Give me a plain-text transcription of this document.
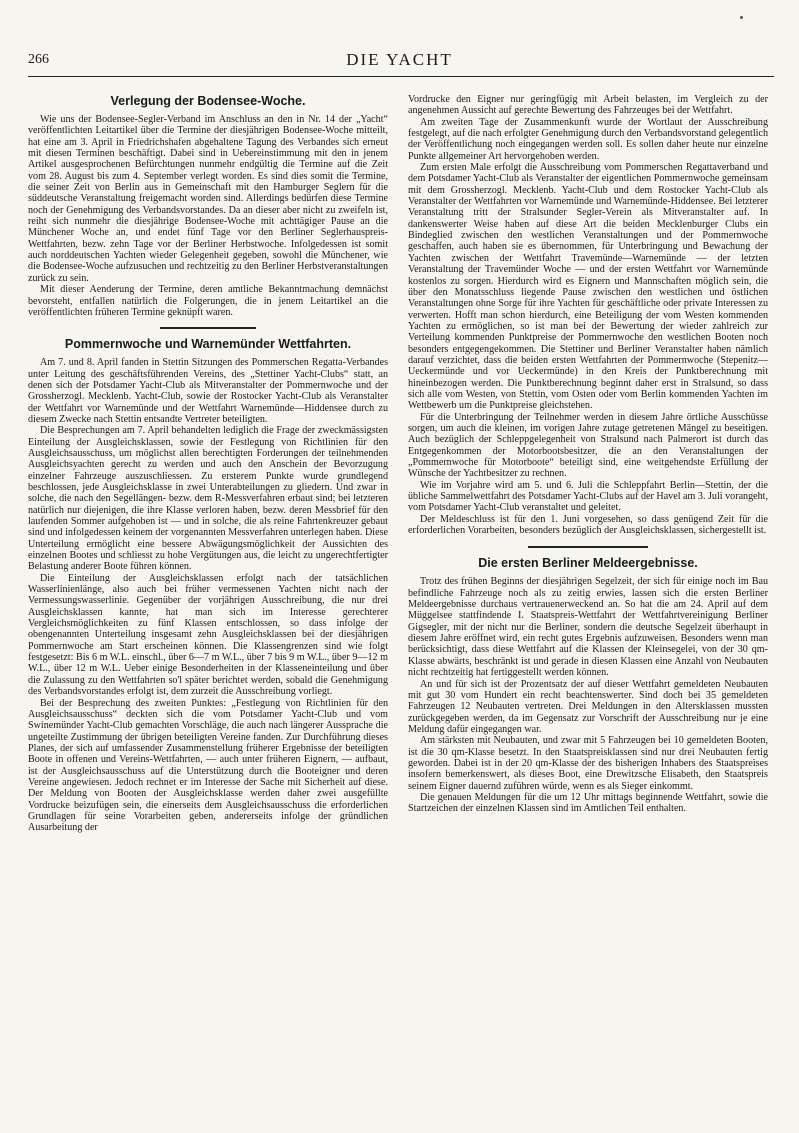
266	DIE YACHT
Verlegung der Bodensee-Woche.

Wie uns der Bodensee-Segler-Verband im Anschluss an den in Nr. 14 der „Yacht“ veröffentlichten Leitartikel über die Termine der diesjährigen Bodensee-Woche mitteilt, hat eine am 3. April in Friedrichshafen abgehaltene Tagung des Verbandes sich erneut mit diesen Terminen beschäftigt. Dabei sind in Uebereinstimmung mit den in jenem Artikel ausgesprochenen Befürchtungen nunmehr endgültig die Termine auf die Zeit vom 28. August bis zum 4. September verlegt worden. Es sind dies somit die Termine, die seiner Zeit von Berlin aus in Gemeinschaft mit den Hamburger Seglern für die süddeutsche Veranstaltung freigemacht worden sind. Allerdings bedürfen diese Termine noch der Genehmigung des Verbandsvorstandes. Da an dieser aber nicht zu zweifeln ist, reiht sich nunmehr die diesjährige Bodensee-Woche mit achttägiger Pause an die Münchener Woche an, und endet fünf Tage vor den Berliner Seglerhauspreis-Wettfahrten, bezw. zehn Tage vor der Berliner Herbstwoche. Infolgedessen ist somit auch norddeutschen Yachten wieder Gelegenheit gegeben, sowohl die Münchener, wie die Bodensee-Woche aufzusuchen und rechtzeitig zu den Berliner Herbstveranstaltungen zurück zu sein.

Mit dieser Aenderung der Termine, deren amtliche Bekanntmachung demnächst bevorsteht, entfallen natürlich die Folgerungen, die in jenem Leitartikel an die veröffentlichten früheren Termine geknüpft waren.

Pommernwoche und Warnemünder Wettfahrten.

Am 7. und 8. April fanden in Stettin Sitzungen des Pommerschen Regatta-Verbandes unter Leitung des geschäftsführenden Vereins, des „Stettiner Yacht-Clubs“ statt, an denen sich der Potsdamer Yacht-Club als Mitveranstalter der Pommernwoche und der Grossherzogl. Mecklenb. Yacht-Club, sowie der Rostocker Yacht-Club als Veranstalter der Wettfahrt vor Warnemünde und der Wettfahrt Warnemünde—Hiddensee durch zu diesem Zwecke nach Stettin entsandte Vertreter beteiligten.

Die Besprechungen am 7. April behandelten lediglich die Frage der zweckmässigsten Einteilung der Ausgleichsklassen, sowie der Festlegung von Richtlinien für den Ausgleichsausschuss, um möglichst allen berechtigten Forderungen der teilnehmenden Ausgleichsyachten gerecht zu werden und auch den Anschein der Bevorzugung einzelner Fahrzeuge auszuschliessen. Zu ersterem Punkte wurde grundlegend beschlossen, jede Ausgleichsklasse in zwei Unterabteilungen zu gliedern. Und zwar in solche, die nach den Segellängen- bezw. dem R-Messverfahren erbaut sind; bei letzteren natürlich nur diejenigen, die ihre Klasse verloren haben, bezw. deren Messbrief für den laufenden Sommer aufgehoben ist — und in solche, die als reine Fahrtenkreuzer gebaut sind und infolgedessen keinem der vorgenannten Messverfahren unterlegen haben. Diese Unterteilung ermöglicht eine bessere Abwägungsmöglichkeit der Aussichten des einzelnen Bootes und schliesst zu hohe Vergütungen aus, die leicht zu ungerechtfertigter Belastung anderer Boote führen können.

Die Einteilung der Ausgleichsklassen erfolgt nach der tatsächlichen Wasserlinienlänge, also auch bei früher vermessenen Yachten nicht nach der Vermessungswasserlinie. Gegenüber der vorjährigen Ausschreibung, die nur drei Ausgleichsklassen kannte, hat man sich im Interesse gerechterer Vergleichsmöglichkeiten zu fünf Klassen entschlossen, so dass infolge der obengenannten Unterteilung insgesamt zehn Ausgleichsklassen bei der diesjährigen Pommernwoche am Start erscheinen können. Die Klassengrenzen sind wie folgt festgesetzt: Bis 6 m W.L. einschl., über 6—7 m W.L., über 7 bis 9 m W.L., über 9—12 m W.L., über 12 m W.L. Ueber einige Besonderheiten in der Klasseneinteilung und über die Zulassung zu den Wettfahrten so'l später berichtet werden, sobald die Genehmigung des Verbandsvorstandes erfolgt ist, dem zurzeit die Ausschreibung vorliegt.

Bei der Besprechung des zweiten Punktes: „Festlegung von Richtlinien für den Ausgleichsausschuss“ deckten sich die vom Potsdamer Yacht-Club und vom Swinemünder Yacht-Club gemachten Vorschläge, die auch nach längerer Aussprache die ungeteilte Zustimmung der übrigen beteiligten Vereine fanden. Zur Durchführung dieses Planes, der sich auf umfassender Zusammenstellung früherer Ergebnisse der beteiligten Boote in offenen und Vereins-Wettfahrten, — auch unter früheren Eignern, — aufbaut, ist der Ausgleichsausschuss auf die Unterstützung durch die Booteigner und deren Vereine angewiesen. Jedoch rechnet er im Interesse der Sache mit Sicherheit auf diese. Der Meldung von Booten der Ausgleichsklasse werden daher zwei ausgefüllte Vordrucke beizufügen sein, die einerseits dem Ausgleichsausschuss die erforderlichen Grundlagen für seine Vorarbeiten geben, andererseits infolge der gründlichen Ausarbeitung der

Vordrucke den Eigner nur geringfügig mit Arbeit belasten, im Vergleich zu der angenehmen Aussicht auf gerechte Bewertung des Fahrzeuges bei der Wettfahrt.

Am zweiten Tage der Zusammenkunft wurde der Wortlaut der Ausschreibung festgelegt, auf die nach erfolgter Genehmigung durch den Verbandsvorstand gelegentlich der Veröffentlichung noch eingegangen werden soll. Es sollen daher heute nur einzelne Punkte allgemeiner Art hervorgehoben werden.

Zum ersten Male erfolgt die Ausschreibung vom Pommerschen Regattaverband und dem Potsdamer Yacht-Club als Veranstalter der eigentlichen Pommernwoche gemeinsam mit dem Grossherzogl. Mecklenb. Yacht-Club und dem Rostocker Yacht-Club als Veranstalter der Wettfahrten vor Warnemünde und Warnemünde-Hiddensee. Bei letzterer Veranstaltung tritt der Stralsunder Segler-Verein als Mitveranstalter auf. In dankenswerter Weise haben auf diese Art die beiden Mecklenburger Clubs ein Bindeglied zwischen den westlichen Veranstaltungen und der Pommernwoche geschaffen, auch haben sie es übernommen, für Unterbringung und Bewachung der Yachten zwischen der Wettfahrt Travemünde—Warnemünde — der letzten Veranstaltung der Travemünder Woche — und der ersten Wettfahrt vor Warnemünde kostenlos zu sorgen. Hierdurch wird es Eignern und Mannschaften möglich sein, die über den Monatsschluss liegende Pause zwischen den westlichen und östlichen Veranstaltungen ohne Sorge für ihre Yachten für geschäftliche oder private Interessen zu verwerten. Hofft man schon hierdurch, eine Beteiligung der vom Westen kommenden Yachten zu ermöglichen, so ist man bei der Bewertung der wieder zahlreich zur Verteilung kommenden Punktpreise der Pommernwoche den westlichen Booten noch besonders entgegengekommen. Die Stettiner und Berliner Veranstalter haben nämlich darauf verzichtet, dass die beiden ersten Wettfahrten der Pommernwoche (Stepenitz—Ueckermünde und vor Ueckermünde) in den Kreis der Punktberechnung mit hineinbezogen werden. Die Punktberechnung beginnt daher erst in Stralsund, so dass sich alle vom Westen, von Stettin, vom Osten oder vom Berlin kommenden Yachten im Wettbewerb um die Punktpreise gleichstehen.

Für die Unterbringung der Teilnehmer werden in diesem Jahre örtliche Ausschüsse sorgen, um auch die kleinen, im vorigen Jahre zutage getretenen Mängel zu beseitigen. Auch bezüglich der Schleppgelegenheit von Stralsund nach Palmerort ist durch das Entgegenkommen der Motorbootsbesitzer, die an den Veranstaltungen der „Pommernwoche für Motorboote“ beteiligt sind, eine weitgehendste Erfüllung der Wünsche der Yachtbesitzer zu rechnen.

Wie im Vorjahre wird am 5. und 6. Juli die Schleppfahrt Berlin—Stettin, der die übliche Sammelwettfahrt des Potsdamer Yacht-Clubs auf der Havel am 3. Juli vorangeht, vom Potsdamer Yacht-Club veranstaltet und geleitet.

Der Meldeschluss ist für den 1. Juni vorgesehen, so dass genügend Zeit für die erforderlichen Vorarbeiten, besonders bezüglich der Ausgleichsklassen, sichergestellt ist.

Die ersten Berliner Meldeergebnisse.

Trotz des frühen Beginns der diesjährigen Segelzeit, der sich für einige noch im Bau befindliche Fahrzeuge noch als zu zeitig erwies, lassen sich die ersten Berliner Meldeergebnisse durchaus vertrauenerweckend an. So hat die am 24. April auf dem Müggelsee stattfindende I. Staatspreis-Wettfahrt der Wettfahrtvereinigung Berliner Gigsegler, mit der nicht nur die Berliner, sondern die deutsche Segelzeit überhaupt in diesem Jahre eröffnet wird, ein recht gutes Ergebnis aufzuweisen. Besonders wenn man berücksichtigt, dass diese Wettfahrt auf die Klassen der Kleinsegelei, von der 30 qm-Klasse abwärts, beschränkt ist und gerade in diesen Klassen eine Anzahl von Neubauten nicht rechtzeitig hat fertiggestellt werden können.

An und für sich ist der Prozentsatz der auf dieser Wettfahrt gemeldeten Neubauten mit gut 30 vom Hundert ein recht beachtenswerter. Sind doch bei 35 gemeldeten Fahrzeugen 12 Neubauten vertreten. Drei Meldungen in den Altersklassen mussten zurückgegeben werden, da im Gegensatz zur Vorschrift der Ausschreibung nur je eine Meldung dafür eingegangen war.

Am stärksten mit Neubauten, und zwar mit 5 Fahrzeugen bei 10 gemeldeten Booten, ist die 30 qm-Klasse besetzt. In den Staatspreisklassen sind nur drei Neubauten fertig geworden. Dabei ist in der 20 qm-Klasse der des bisherigen Inhabers des Staatspreises insofern bemerkenswert, als dieses Boot, eine Drewitzsche Elisabeth, den Staatspreis seinem Eigner dauernd zuführen würde, wenn es als Sieger einkommt.

Die genauen Meldungen für die um 12 Uhr mittags beginnende Wettfahrt, sowie die Startzeichen der einzelnen Klassen sind im Amtlichen Teil enthalten.
